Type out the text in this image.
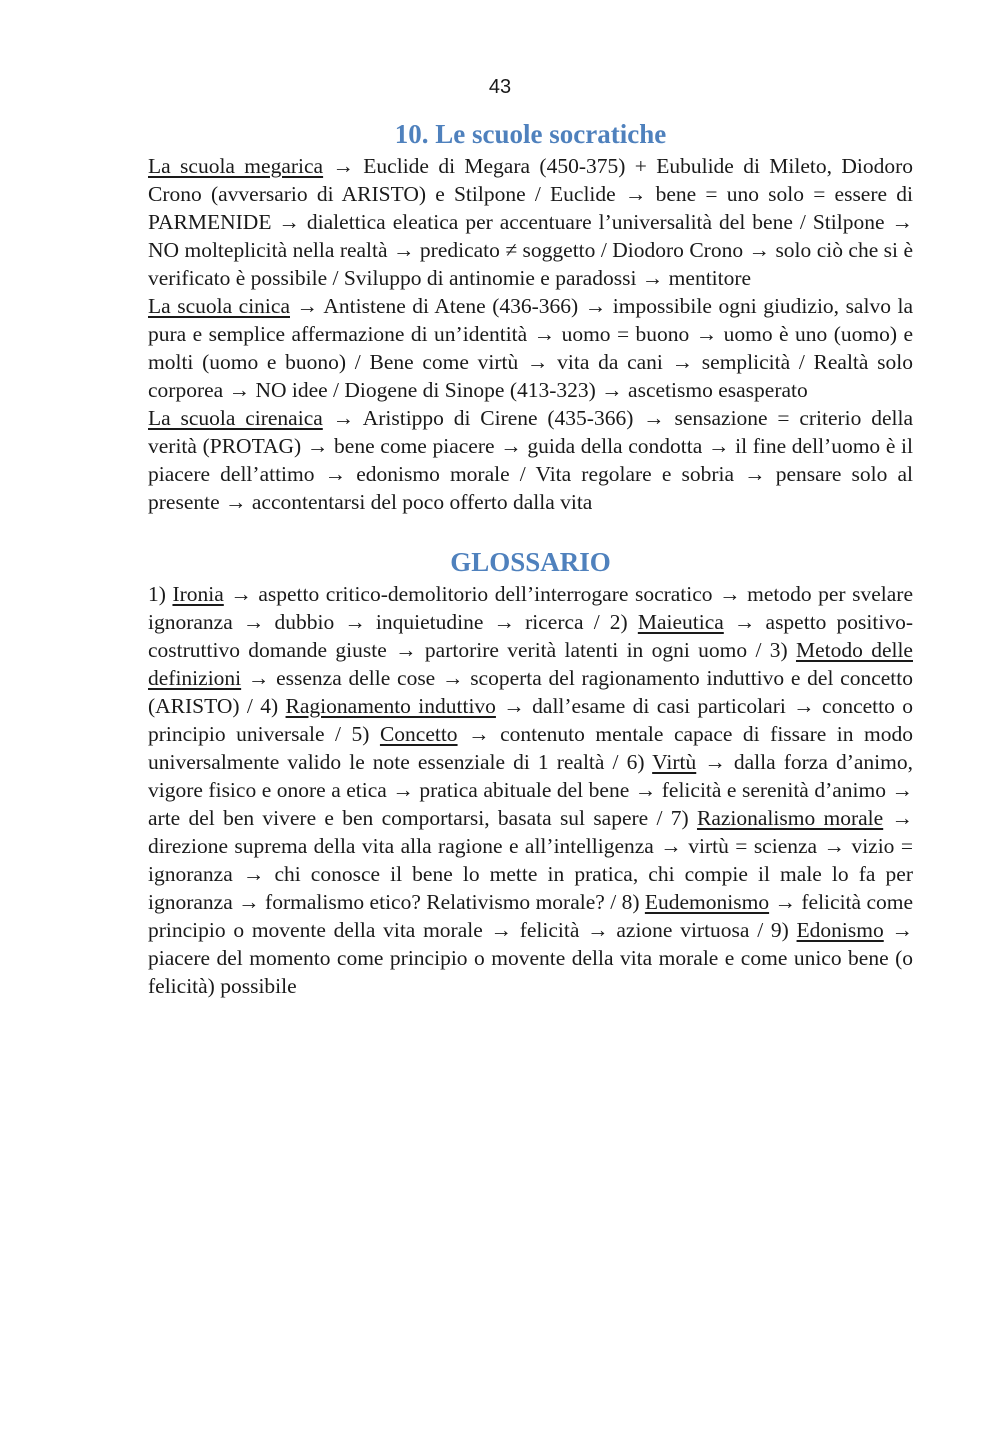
43
10. Le scuole socratiche

La scuola megarica → Euclide di Megara (450-375) + Eubulide di Mileto, Diodoro Crono (avversario di ARISTO) e Stilpone / Euclide → bene = uno solo = essere di PARMENIDE → dialettica eleatica per accentuare l’universalità del bene / Stilpone → NO molteplicità nella realtà → predicato ≠ soggetto / Diodoro Crono → solo ciò che si è verificato è possibile / Sviluppo di antinomie e paradossi → mentitore

La scuola cinica → Antistene di Atene (436-366) → impossibile ogni giudizio, salvo la pura e semplice affermazione di un’identità → uomo = buono → uomo è uno (uomo) e molti (uomo e buono) / Bene come virtù → vita da cani → semplicità / Realtà solo corporea → NO idee / Diogene di Sinope (413-323) → ascetismo esasperato

La scuola cirenaica → Aristippo di Cirene (435-366) → sensazione = criterio della verità (PROTAG) → bene come piacere → guida della condotta → il fine dell’uomo è il piacere dell’attimo → edonismo morale / Vita regolare e sobria → pensare solo al presente → accontentarsi del poco offerto dalla vita

GLOSSARIO

1) Ironia → aspetto critico-demolitorio dell’interrogare socratico → metodo per svelare ignoranza → dubbio → inquietudine → ricerca / 2) Maieutica → aspetto positivo-costruttivo domande giuste → partorire verità latenti in ogni uomo / 3) Metodo delle definizioni → essenza delle cose → scoperta del ragionamento induttivo e del concetto (ARISTO) / 4) Ragionamento induttivo → dall’esame di casi particolari → concetto o principio universale / 5) Concetto → contenuto mentale capace di fissare in modo universalmente valido le note essenziale di 1 realtà / 6) Virtù → dalla forza d’animo, vigore fisico e onore a etica → pratica abituale del bene → felicità e serenità d’animo → arte del ben vivere e ben comportarsi, basata sul sapere / 7) Razionalismo morale → direzione suprema della vita alla ragione e all’intelligenza → virtù = scienza → vizio = ignoranza → chi conosce il bene lo mette in pratica, chi compie il male lo fa per ignoranza → formalismo etico? Relativismo morale? / 8) Eudemonismo → felicità come principio o movente della vita morale → felicità → azione virtuosa / 9) Edonismo → piacere del momento come principio o movente della vita morale e come unico bene (o felicità) possibile
